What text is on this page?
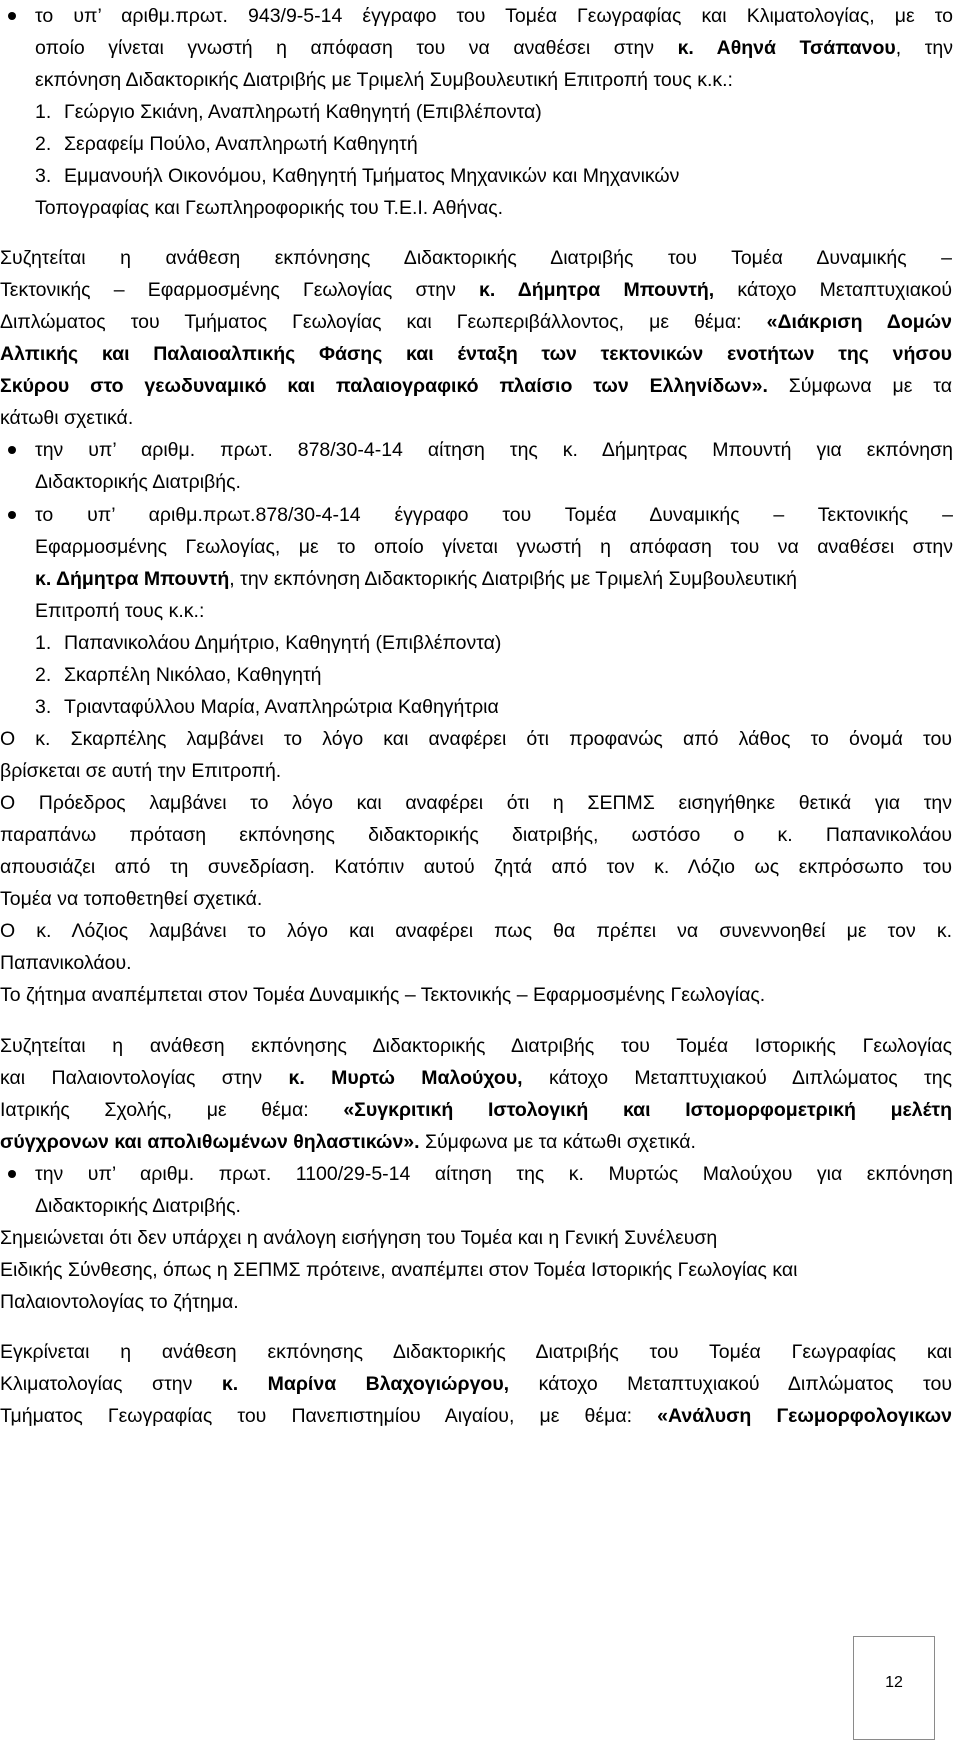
το υπ’ αριθμ.πρωτ. 943/9-5-14 έγγραφο του Τομέα Γεωγραφίας και Κλιματολογίας, με το
οποίο γίνεται γνωστή η απόφαση του να αναθέσει στην κ. Αθηνά Τσάπανου, την
εκπόνηση Διδακτορικής Διατριβής με Τριμελή Συμβουλευτική Επιτροπή τους κ.κ.:
1. Γεώργιο Σκιάνη, Αναπληρωτή Καθηγητή (Επιβλέποντα)
2. Σεραφείμ Πούλο, Αναπληρωτή Καθηγητή
3. Εμμανουήλ Οικονόμου, Καθηγητή Τμήματος Μηχανικών και Μηχανικών
Τοπογραφίας και Γεωπληροφορικής του Τ.Ε.Ι. Αθήνας.
Συζητείται η ανάθεση εκπόνησης Διδακτορικής Διατριβής του Τομέα Δυναμικής –
Τεκτονικής – Εφαρμοσμένης Γεωλογίας στην κ. Δήμητρα Μπουντή, κάτοχο Μεταπτυχιακού
Διπλώματος του Τμήματος Γεωλογίας και Γεωπεριβάλλοντος, με θέμα: «Διάκριση Δομών
Αλπικής και Παλαιοαλπικής Φάσης και ένταξη των τεκτονικών ενοτήτων της νήσου
Σκύρου στο γεωδυναμικό και παλαιογραφικό πλαίσιο των Ελληνίδων». Σύμφωνα με τα
κάτωθι σχετικά.
την υπ’ αριθμ. πρωτ. 878/30-4-14 αίτηση της κ. Δήμητρας Μπουντή για εκπόνηση
Διδακτορικής Διατριβής.
το υπ’ αριθμ.πρωτ.878/30-4-14 έγγραφο του Τομέα Δυναμικής – Τεκτονικής –
Εφαρμοσμένης Γεωλογίας, με το οποίο γίνεται γνωστή η απόφαση του να αναθέσει στην
κ. Δήμητρα Μπουντή, την εκπόνηση Διδακτορικής Διατριβής με Τριμελή Συμβουλευτική
Επιτροπή τους κ.κ.:
1. Παπανικολάου Δημήτριο, Καθηγητή (Επιβλέποντα)
2. Σκαρπέλη Νικόλαο, Καθηγητή
3. Τριανταφύλλου Μαρία, Αναπληρώτρια Καθηγήτρια
Ο κ. Σκαρπέλης λαμβάνει το λόγο και αναφέρει ότι προφανώς από λάθος το όνομά του
βρίσκεται σε αυτή την Επιτροπή.
Ο Πρόεδρος λαμβάνει το λόγο και αναφέρει ότι η ΣΕΠΜΣ εισηγήθηκε θετικά για την
παραπάνω πρόταση εκπόνησης διδακτορικής διατριβής, ωστόσο ο κ. Παπανικολάου
απουσιάζει από τη συνεδρίαση. Κατόπιν αυτού ζητά από τον κ. Λόζιο ως εκπρόσωπο του
Τομέα να τοποθετηθεί σχετικά.
Ο κ. Λόζιος λαμβάνει το λόγο και αναφέρει πως θα πρέπει να συνεννοηθεί με τον κ.
Παπανικολάου.
Το ζήτημα αναπέμπεται στον Τομέα Δυναμικής – Τεκτονικής – Εφαρμοσμένης Γεωλογίας.
Συζητείται η ανάθεση εκπόνησης Διδακτορικής Διατριβής του Τομέα Ιστορικής Γεωλογίας
και Παλαιοντολογίας στην κ. Μυρτώ Μαλούχου, κάτοχο Μεταπτυχιακού Διπλώματος της
Ιατρικής Σχολής, με θέμα: «Συγκριτική Ιστολογική και Ιστομορφομετρική μελέτη
σύγχρονων και απολιθωμένων θηλαστικών». Σύμφωνα με τα κάτωθι σχετικά.
την υπ’ αριθμ. πρωτ. 1100/29-5-14 αίτηση της κ. Μυρτώς Μαλούχου για εκπόνηση
Διδακτορικής Διατριβής.
Σημειώνεται ότι δεν υπάρχει η ανάλογη εισήγηση του Τομέα και η Γενική Συνέλευση
Ειδικής Σύνθεσης, όπως η ΣΕΠΜΣ πρότεινε, αναπέμπει στον Τομέα Ιστορικής Γεωλογίας και
Παλαιοντολογίας το ζήτημα.
Εγκρίνεται η ανάθεση εκπόνησης Διδακτορικής Διατριβής του Τομέα Γεωγραφίας και
Κλιματολογίας στην κ. Μαρίνα Βλαχογιώργου, κάτοχο Μεταπτυχιακού Διπλώματος του
Τμήματος Γεωγραφίας του Πανεπιστημίου Αιγαίου, με θέμα: «Ανάλυση Γεωμορφολογικων
12
